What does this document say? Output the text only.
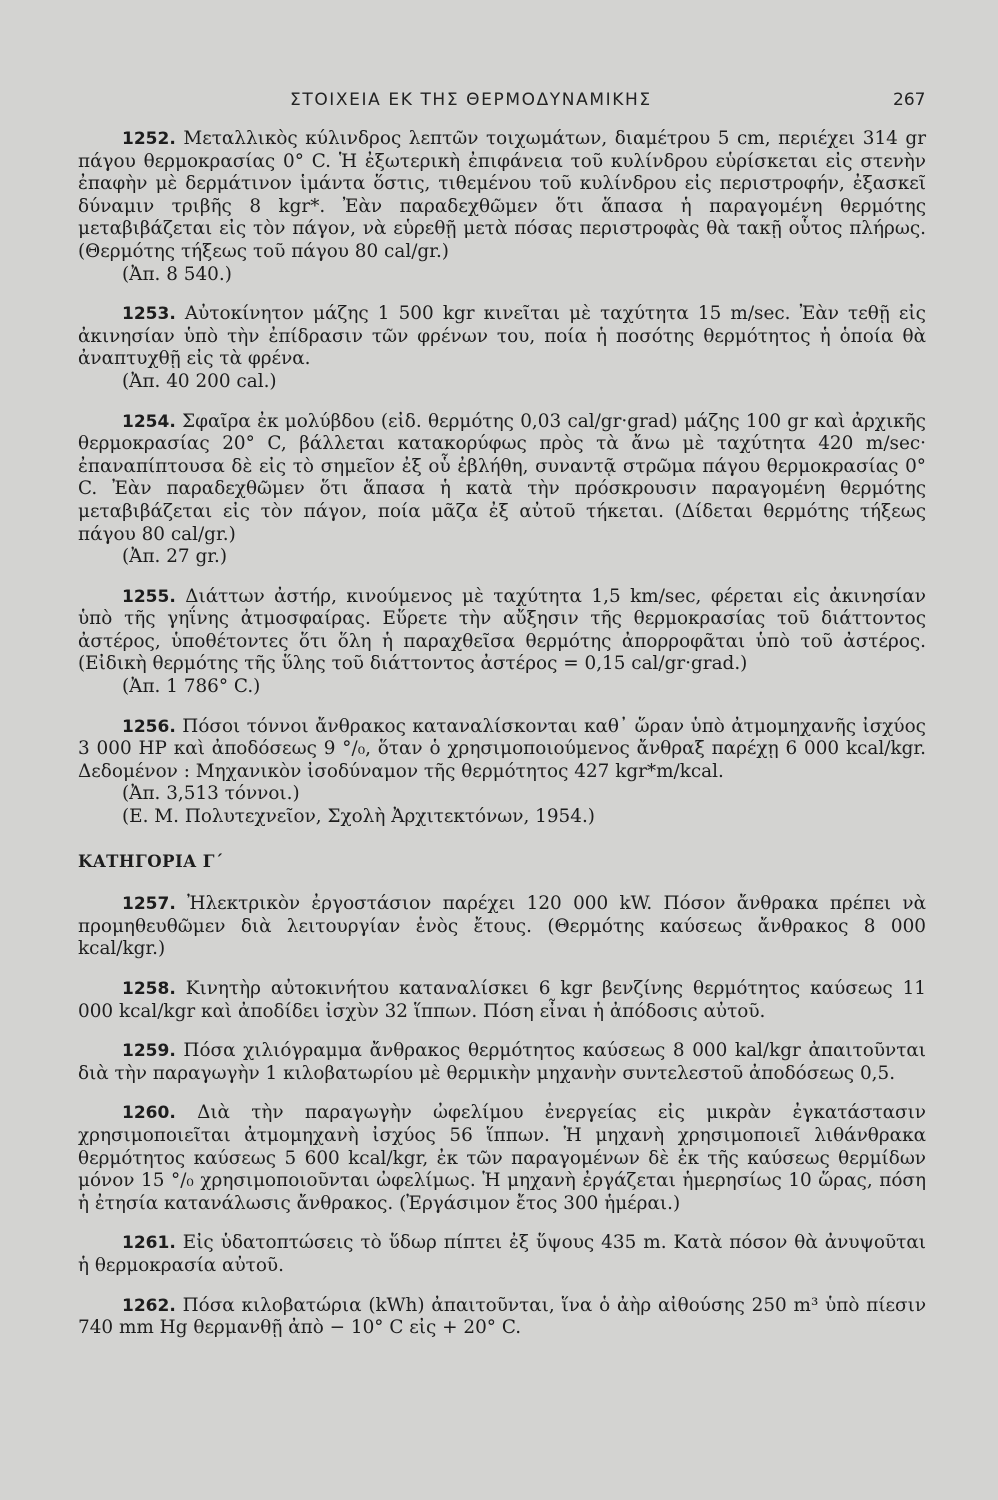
ΣΤΟΙΧΕΙΑ ΕΚ ΤΗΣ ΘΕΡΜΟΔΥΝΑΜΙΚΗΣ	267

1252. Μεταλλικὸς κύλινδρος λεπτῶν τοιχωμάτων, διαμέτρου 5 cm, περιέχει 314 gr πάγου θερμοκρασίας 0° C. Ἡ ἐξωτερικὴ ἐπιφάνεια τοῦ κυλίνδρου εὑρίσκεται εἰς στενὴν ἐπαφὴν μὲ δερμάτινον ἱμάντα ὅστις, τιθεμένου τοῦ κυλίνδρου εἰς περιστροφήν, ἐξασκεῖ δύναμιν τριβῆς 8 kgr*. Ἐὰν παραδεχθῶμεν ὅτι ἅπασα ἡ παραγομένη θερμότης μεταβιβάζεται εἰς τὸν πάγον, νὰ εὑρεθῇ μετὰ πόσας περιστροφὰς θὰ τακῇ οὗτος πλήρως. (Θερμότης τήξεως τοῦ πάγου 80 cal/gr.)

(Ἀπ. 8 540.)

1253. Αὐτοκίνητον μάζης 1 500 kgr κινεῖται μὲ ταχύτητα 15 m/sec. Ἐὰν τεθῇ εἰς ἀκινησίαν ὑπὸ τὴν ἐπίδρασιν τῶν φρένων του, ποία ἡ ποσότης θερμότητος ἡ ὁποία θὰ ἀναπτυχθῇ εἰς τὰ φρένα.

(Ἀπ. 40 200 cal.)

1254. Σφαῖρα ἐκ μολύβδου (εἰδ. θερμότης 0,03 cal/gr·grad) μάζης 100 gr καὶ ἀρχικῆς θερμοκρασίας 20° C, βάλλεται κατακορύφως πρὸς τὰ ἄνω μὲ ταχύτητα 420 m/sec· ἐπαναπίπτουσα δὲ εἰς τὸ σημεῖον ἐξ οὗ ἐβλήθη, συναντᾷ στρῶμα πάγου θερμοκρασίας 0° C. Ἐὰν παραδεχθῶμεν ὅτι ἅπασα ἡ κατὰ τὴν πρόσκρουσιν παραγομένη θερμότης μεταβιβάζεται εἰς τὸν πάγον, ποία μᾶζα ἐξ αὐτοῦ τήκεται. (Δίδεται θερμότης τήξεως πάγου 80 cal/gr.)

(Ἀπ. 27 gr.)

1255. Διάττων ἀστήρ, κινούμενος μὲ ταχύτητα 1,5 km/sec, φέρεται εἰς ἀκινησίαν ὑπὸ τῆς γηΐνης ἀτμοσφαίρας. Εὕρετε τὴν αὔξησιν τῆς θερμοκρασίας τοῦ διάττοντος ἀστέρος, ὑποθέτοντες ὅτι ὅλη ἡ παραχθεῖσα θερμότης ἀπορροφᾶται ὑπὸ τοῦ ἀστέρος. (Εἰδικὴ θερμότης τῆς ὕλης τοῦ διάττοντος ἀστέρος = 0,15 cal/gr·grad.)

(Ἀπ. 1 786° C.)

1256. Πόσοι τόννοι ἄνθρακος καταναλίσκονται καθ᾽ ὥραν ὑπὸ ἀτμομηχανῆς ἰσχύος 3 000 HP καὶ ἀποδόσεως 9 °/₀, ὅταν ὁ χρησιμοποιούμενος ἄνθραξ παρέχῃ 6 000 kcal/kgr. Δεδομένον : Μηχανικὸν ἰσοδύναμον τῆς θερμότητος 427 kgr*m/kcal.

(Ἀπ. 3,513 τόννοι.)

(Ε. Μ. Πολυτεχνεῖον, Σχολὴ Ἀρχιτεκτόνων, 1954.)

ΚΑΤΗΓΟΡΙΑ Γ΄

1257. Ἠλεκτρικὸν ἐργοστάσιον παρέχει 120 000 kW. Πόσον ἄνθρακα πρέπει νὰ προμηθευθῶμεν διὰ λειτουργίαν ἑνὸς ἔτους. (Θερμότης καύσεως ἄνθρακος 8 000 kcal/kgr.)

1258. Κινητὴρ αὐτοκινήτου καταναλίσκει 6 kgr βενζίνης θερμότητος καύσεως 11 000 kcal/kgr καὶ ἀποδίδει ἰσχὺν 32 ἵππων. Πόση εἶναι ἡ ἀπόδοσις αὐτοῦ.

1259. Πόσα χιλιόγραμμα ἄνθρακος θερμότητος καύσεως 8 000 kal/kgr ἀπαιτοῦνται διὰ τὴν παραγωγὴν 1 κιλοβατωρίου μὲ θερμικὴν μηχανὴν συντελεστοῦ ἀποδόσεως 0,5.

1260. Διὰ τὴν παραγωγὴν ὠφελίμου ἐνεργείας εἰς μικρὰν ἐγκατάστασιν χρησιμοποιεῖται ἀτμομηχανὴ ἰσχύος 56 ἵππων. Ἡ μηχανὴ χρησιμοποιεῖ λιθάνθρακα θερμότητος καύσεως 5 600 kcal/kgr, ἐκ τῶν παραγομένων δὲ ἐκ τῆς καύσεως θερμίδων μόνον 15 °/₀ χρησιμοποιοῦνται ὠφελίμως. Ἡ μηχανὴ ἐργάζεται ἡμερησίως 10 ὥρας, πόση ἡ ἐτησία κατανάλωσις ἄνθρακος. (Ἐργάσιμον ἔτος 300 ἡμέραι.)

1261. Εἰς ὑδατοπτώσεις τὸ ὕδωρ πίπτει ἐξ ὕψους 435 m. Κατὰ πόσον θὰ ἀνυψοῦται ἡ θερμοκρασία αὐτοῦ.

1262. Πόσα κιλοβατώρια (kWh) ἀπαιτοῦνται, ἵνα ὁ ἀὴρ αἰθούσης 250 m³ ὑπὸ πίεσιν 740 mm Hg θερμανθῇ ἀπὸ − 10° C εἰς + 20° C.
